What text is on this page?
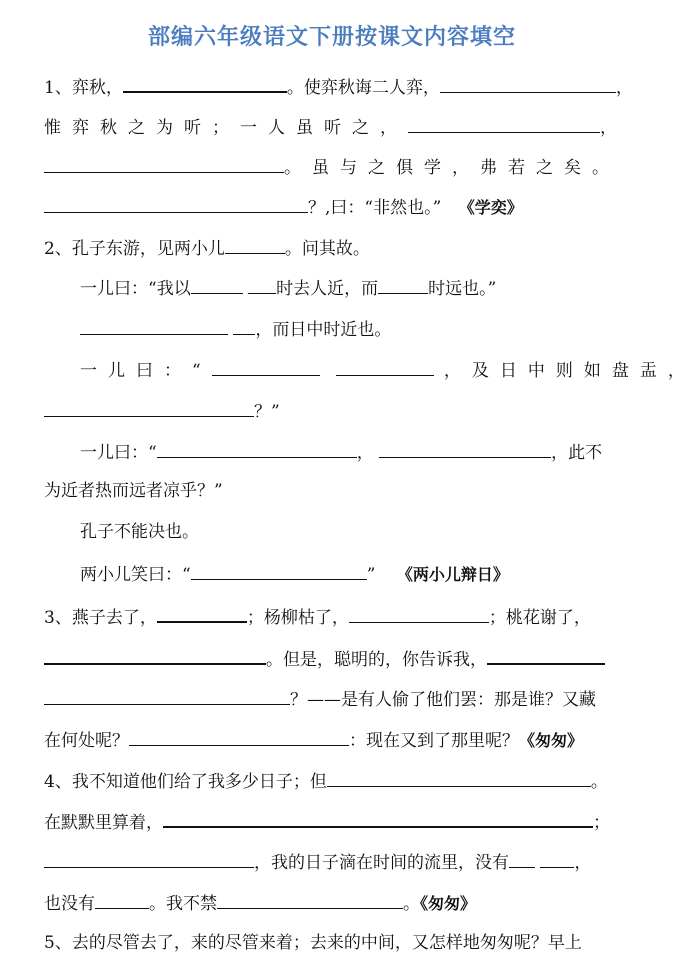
部编六年级语文下册按课文内容填空
1、弈秋，	。使弈秋诲二人弈，	，
惟弈秋之为听；一人虽听之，	，
。虽与之俱学，弗若之矣。
？,曰：“非然也。” 《学奕》
2、孔子东游，见两小儿	。问其故。
一儿曰：“我以	时去人近，而	时远也。”
，而日中时近也。
一儿曰：“	，及日中则如盘盂，
？”
一儿曰：“	，	，此不
为近者热而远者凉乎？”
孔子不能决也。
两小儿笑曰：“	” 《两小儿辩日》
3、燕子去了，	；杨柳枯了，	；桃花谢了，
。但是，聪明的，你告诉我，
？——是有人偷了他们罢：那是谁？又藏
在何处呢？	：现在又到了那里呢？《匆匆》
4、我不知道他们给了我多少日子；但	。
在默默里算着，	；
，我的日子滴在时间的流里，没有	，
也没有	。我不禁	。《匆匆》
5、去的尽管去了，来的尽管来着；去来的中间，又怎样地匆匆呢？早上
